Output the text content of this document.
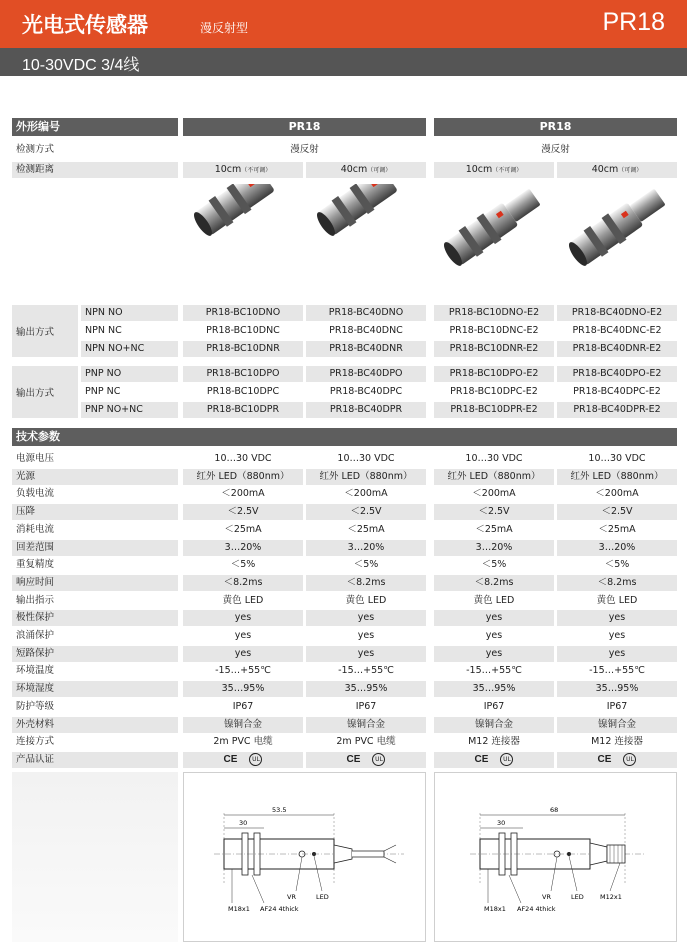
光电式传感器	漫反射型	PR18
10-30VDC 3/4线
外形编号	PR18	PR18
检测方式	漫反射	漫反射
检测距离	10cm（不可调）	40cm（可调）	10cm（不可调）	40cm（可调）
输出方式
NPN NO	PR18-BC10DNO	PR18-BC40DNO	PR18-BC10DNO-E2	PR18-BC40DNO-E2
NPN NC	PR18-BC10DNC	PR18-BC40DNC	PR18-BC10DNC-E2	PR18-BC40DNC-E2
NPN NO+NC	PR18-BC10DNR	PR18-BC40DNR	PR18-BC10DNR-E2	PR18-BC40DNR-E2
输出方式
PNP NO	PR18-BC10DPO	PR18-BC40DPO	PR18-BC10DPO-E2	PR18-BC40DPO-E2
PNP NC	PR18-BC10DPC	PR18-BC40DPC	PR18-BC10DPC-E2	PR18-BC40DPC-E2
PNP NO+NC	PR18-BC10DPR	PR18-BC40DPR	PR18-BC10DPR-E2	PR18-BC40DPR-E2
技术参数
电源电压	10…30 VDC	10…30 VDC	10…30 VDC	10…30 VDC
光源	红外 LED（880nm）	红外 LED（880nm）	红外 LED（880nm）	红外 LED（880nm）
负载电流	＜200mA	＜200mA	＜200mA	＜200mA
压降	＜2.5V	＜2.5V	＜2.5V	＜2.5V
消耗电流	＜25mA	＜25mA	＜25mA	＜25mA
回差范围	3…20%	3…20%	3…20%	3…20%
重复精度	＜5%	＜5%	＜5%	＜5%
响应时间	＜8.2ms	＜8.2ms	＜8.2ms	＜8.2ms
输出指示	黄色 LED	黄色 LED	黄色 LED	黄色 LED
极性保护	yes	yes	yes	yes
浪涌保护	yes	yes	yes	yes
短路保护	yes	yes	yes	yes
环境温度	-15…+55℃	-15…+55℃	-15…+55℃	-15…+55℃
环境湿度	35…95%	35…95%	35…95%	35…95%
防护等级	IP67	IP67	IP67	IP67
外壳材料	镍铜合金	镍铜合金	镍铜合金	镍铜合金
连接方式	2m PVC 电缆	2m PVC 电缆	M12 连接器	M12 连接器
产品认证	CE UL	CE UL	CE UL	CE UL
53.5
30
M18x1 AF24 4thick
VR	LED
68
30
M18x1 AF24 4thick
VR	LED	M12x1
